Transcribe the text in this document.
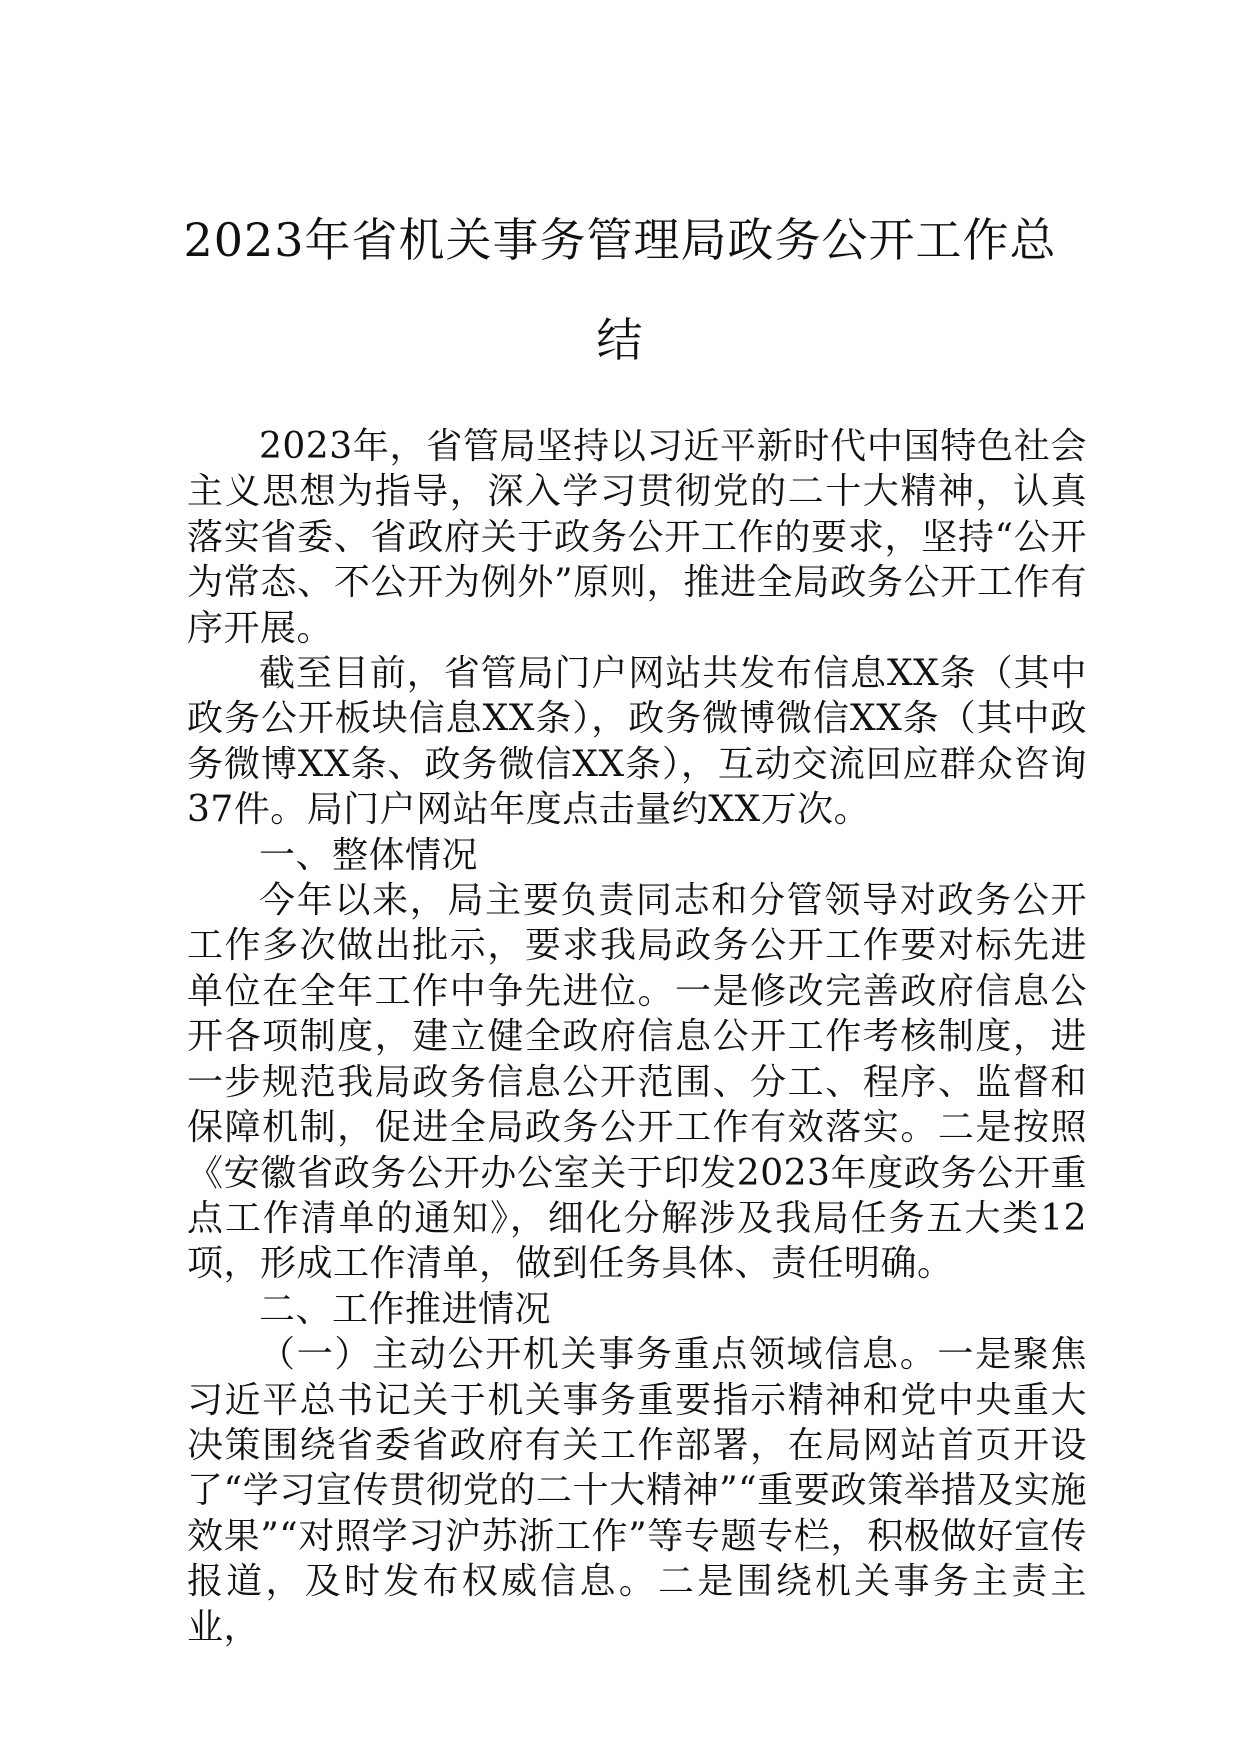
2023年省机关事务管理局政务公开工作总
结

2023年，省管局坚持以习近平新时代中国特色社会主义思想为指导，深入学习贯彻党的二十大精神，认真落实省委、省政府关于政务公开工作的要求，坚持“公开为常态、不公开为例外”原则，推进全局政务公开工作有序开展。

截至目前，省管局门户网站共发布信息XX条（其中政务公开板块信息XX条），政务微博微信XX条（其中政务微博XX条、政务微信XX条），互动交流回应群众咨询37件。局门户网站年度点击量约XX万次。

一、整体情况

今年以来，局主要负责同志和分管领导对政务公开工作多次做出批示，要求我局政务公开工作要对标先进单位在全年工作中争先进位。一是修改完善政府信息公开各项制度，建立健全政府信息公开工作考核制度，进一步规范我局政务信息公开范围、分工、程序、监督和保障机制，促进全局政务公开工作有效落实。二是按照《安徽省政务公开办公室关于印发2023年度政务公开重点工作清单的通知》，细化分解涉及我局任务五大类12项，形成工作清单，做到任务具体、责任明确。

二、工作推进情况

（一）主动公开机关事务重点领域信息。一是聚焦习近平总书记关于机关事务重要指示精神和党中央重大决策围绕省委省政府有关工作部署，在局网站首页开设了“学习宣传贯彻党的二十大精神”“重要政策举措及实施效果”“对照学习沪苏浙工作”等专题专栏，积极做好宣传报道，及时发布权威信息。二是围绕机关事务主责主业，
